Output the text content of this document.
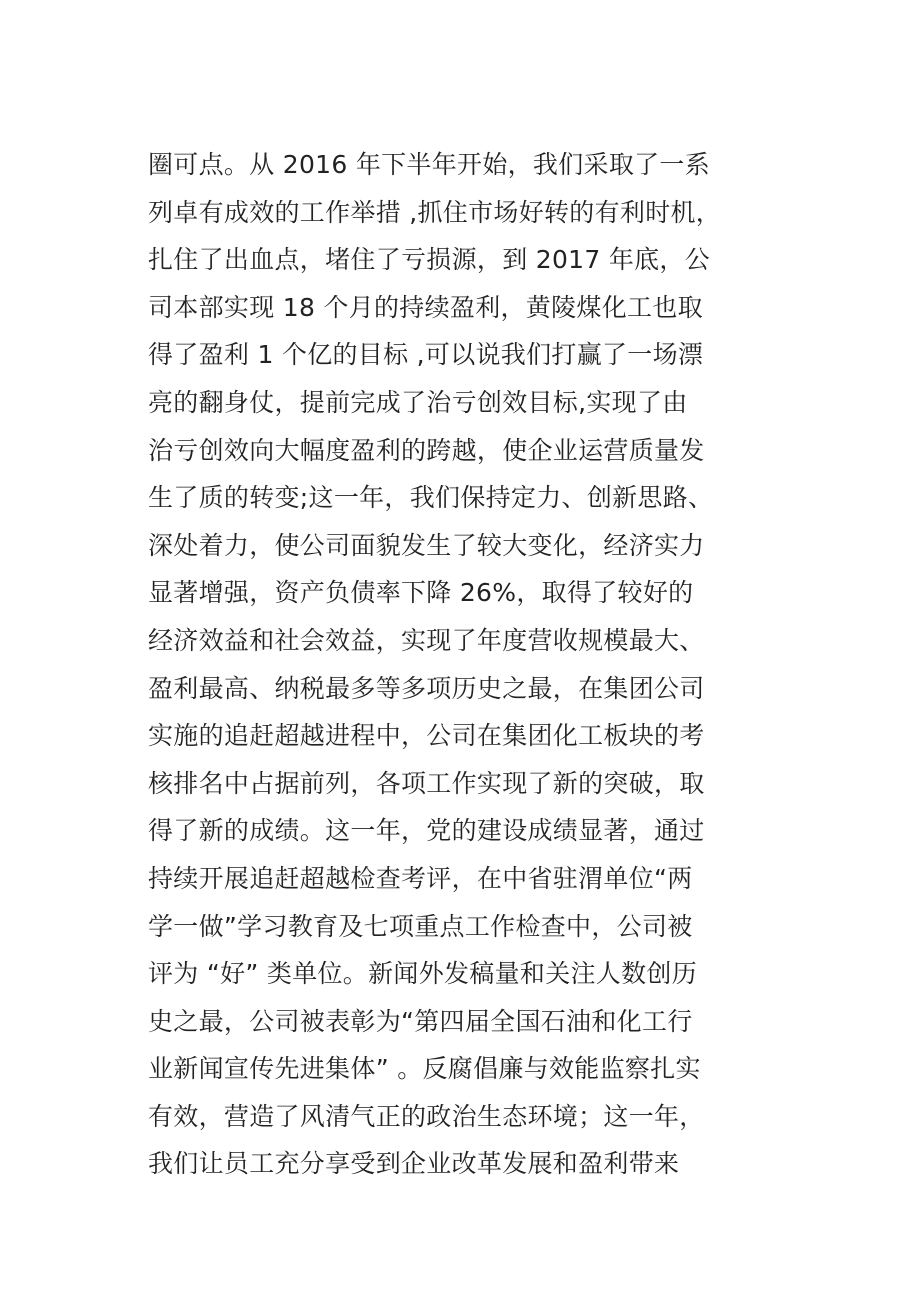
圈可点。从 2016 年下半年开始，我们采取了一系
列卓有成效的工作举措 ,抓住市场好转的有利时机，
扎住了出血点，堵住了亏损源，到 2017 年底，公
司本部实现 18 个月的持续盈利，黄陵煤化工也取
得了盈利 1 个亿的目标 ,可以说我们打赢了一场漂
亮的翻身仗，提前完成了治亏创效目标,实现了由
治亏创效向大幅度盈利的跨越，使企业运营质量发
生了质的转变;这一年，我们保持定力、创新思路、
深处着力，使公司面貌发生了较大变化，经济实力
显著增强，资产负债率下降 26%，取得了较好的
经济效益和社会效益，实现了年度营收规模最大、
盈利最高、纳税最多等多项历史之最，在集团公司
实施的追赶超越进程中，公司在集团化工板块的考
核排名中占据前列，各项工作实现了新的突破，取
得了新的成绩。这一年，党的建设成绩显著，通过
持续开展追赶超越检查考评，在中省驻渭单位“两
学一做”学习教育及七项重点工作检查中，公司被
评为 “好” 类单位。新闻外发稿量和关注人数创历
史之最，公司被表彰为“第四届全国石油和化工行
业新闻宣传先进集体” 。反腐倡廉与效能监察扎实
有效，营造了风清气正的政治生态环境；这一年，
我们让员工充分享受到企业改革发展和盈利带来
